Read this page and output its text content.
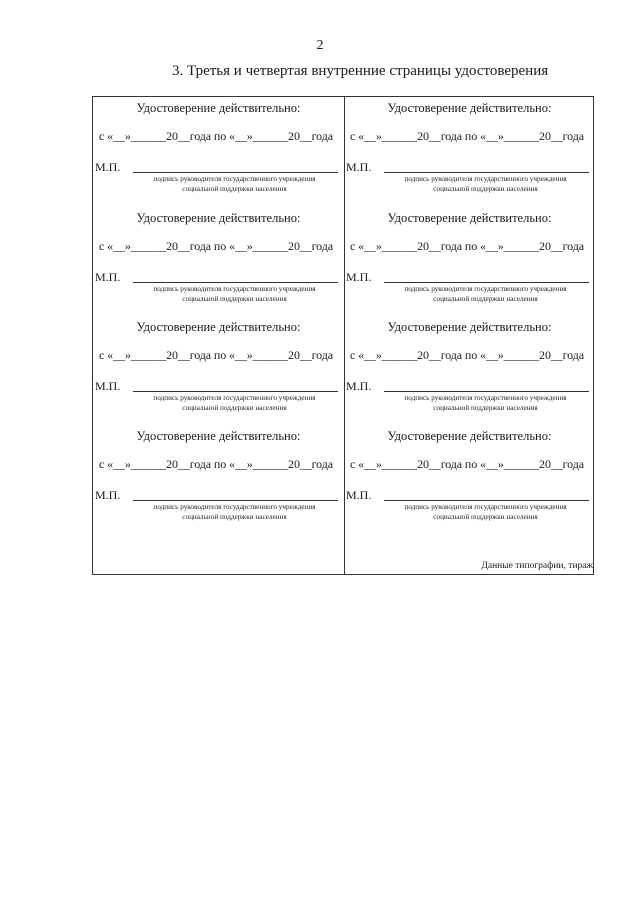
2
3. Третья и четвертая внутренние страницы удостоверения
Удостоверение действительно:
с «__»______20__года по «__»______20__года
М.П.
подпись руководителя государственного учреждения
социальной поддержки населения
Удостоверение действительно:
с «__»______20__года по «__»______20__года
М.П.
подпись руководителя государственного учреждения
социальной поддержки населения
Удостоверение действительно:
с «__»______20__года по «__»______20__года
М.П.
подпись руководителя государственного учреждения
социальной поддержки населения
Удостоверение действительно:
с «__»______20__года по «__»______20__года
М.П.
подпись руководителя государственного учреждения
социальной поддержки населения
Удостоверение действительно:
с «__»______20__года по «__»______20__года
М.П.
подпись руководителя государственного учреждения
социальной поддержки населения
Удостоверение действительно:
с «__»______20__года по «__»______20__года
М.П.
подпись руководителя государственного учреждения
социальной поддержки населения
Удостоверение действительно:
с «__»______20__года по «__»______20__года
М.П.
подпись руководителя государственного учреждения
социальной поддержки населения
Удостоверение действительно:
с «__»______20__года по «__»______20__года
М.П.
подпись руководителя государственного учреждения
социальной поддержки населения
Данные типографии, тираж
